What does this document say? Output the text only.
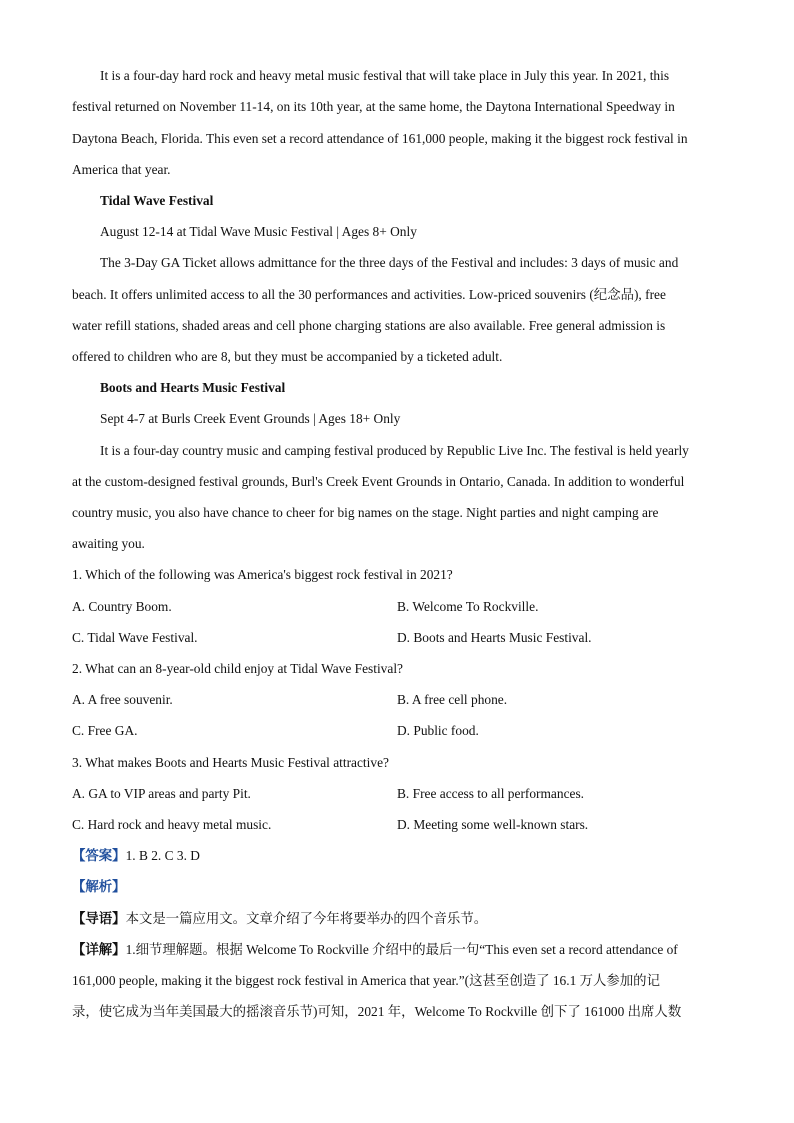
It is a four-day hard rock and heavy metal music festival that will take place in July this year. In 2021, this
festival returned on November 11-14, on its 10th year, at the same home, the Daytona International Speedway in
Daytona Beach, Florida. This even set a record attendance of 161,000 people, making it the biggest rock festival in
America that year.
Tidal Wave Festival
August 12-14 at Tidal Wave Music Festival | Ages 8+ Only
The 3-Day GA Ticket allows admittance for the three days of the Festival and includes: 3 days of music and
beach. It offers unlimited access to all the 30 performances and activities. Low-priced souvenirs (纪念品), free
water refill stations, shaded areas and cell phone charging stations are also available. Free general admission is
offered to children who are 8, but they must be accompanied by a ticketed adult.
Boots and Hearts Music Festival
Sept 4-7 at Burls Creek Event Grounds | Ages 18+ Only
It is a four-day country music and camping festival produced by Republic Live Inc. The festival is held yearly
at the custom-designed festival grounds, Burl's Creek Event Grounds in Ontario, Canada. In addition to wonderful
country music, you also have chance to cheer for big names on the stage. Night parties and night camping are
awaiting you.
1. Which of the following was America's biggest rock festival in 2021?
A. Country Boom.	B. Welcome To Rockville.
C. Tidal Wave Festival.	D. Boots and Hearts Music Festival.
2. What can an 8-year-old child enjoy at Tidal Wave Festival?
A. A free souvenir.	B. A free cell phone.
C. Free GA.	D. Public food.
3. What makes Boots and Hearts Music Festival attractive?
A. GA to VIP areas and party Pit.	B. Free access to all performances.
C. Hard rock and heavy metal music.	D. Meeting some well-known stars.
【答案】1. B 2. C 3. D
【解析】
【导语】本文是一篇应用文。文章介绍了今年将要举办的四个音乐节。
【详解】1.细节理解题。根据 Welcome To Rockville 介绍中的最后一句“This even set a record attendance of
161,000 people, making it the biggest rock festival in America that year.”(这甚至创造了 16.1 万人参加的记
录，使它成为当年美国最大的摇滚音乐节)可知，2021 年，Welcome To Rockville 创下了 161000 出席人数
